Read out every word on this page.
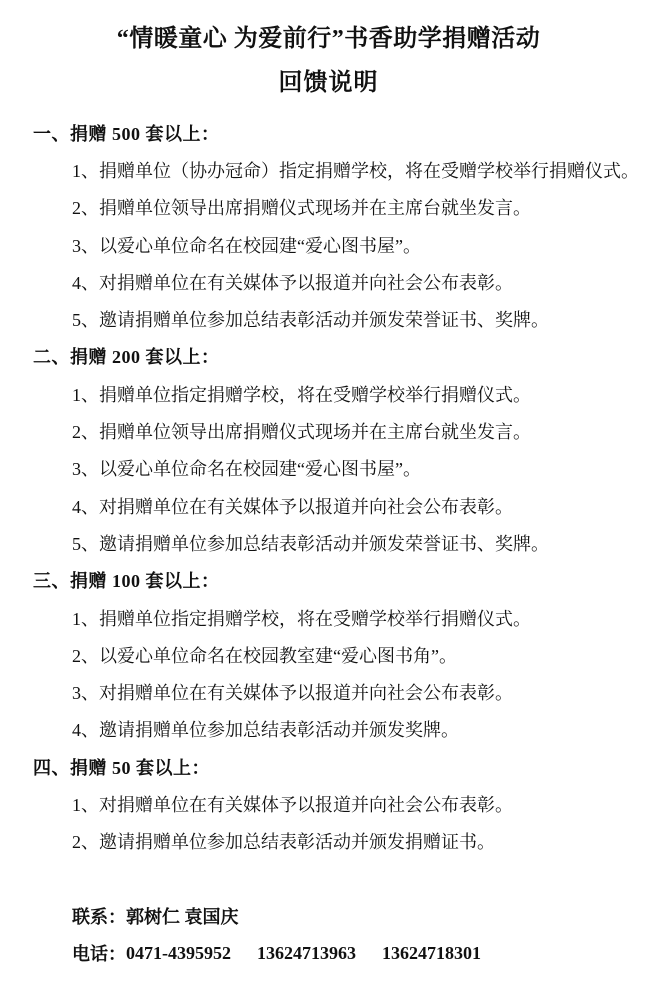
“情暖童心 为爱前行”书香助学捐赠活动
回馈说明
一、捐赠 500 套以上：
1、捐赠单位（协办冠命）指定捐赠学校，将在受赠学校举行捐赠仪式。
2、捐赠单位领导出席捐赠仪式现场并在主席台就坐发言。
3、以爱心单位命名在校园建“爱心图书屋”。
4、对捐赠单位在有关媒体予以报道并向社会公布表彰。
5、邀请捐赠单位参加总结表彰活动并颁发荣誉证书、奖牌。
二、捐赠 200 套以上：
1、捐赠单位指定捐赠学校，将在受赠学校举行捐赠仪式。
2、捐赠单位领导出席捐赠仪式现场并在主席台就坐发言。
3、以爱心单位命名在校园建“爱心图书屋”。
4、对捐赠单位在有关媒体予以报道并向社会公布表彰。
5、邀请捐赠单位参加总结表彰活动并颁发荣誉证书、奖牌。
三、捐赠 100 套以上：
1、捐赠单位指定捐赠学校，将在受赠学校举行捐赠仪式。
2、以爱心单位命名在校园教室建“爱心图书角”。
3、对捐赠单位在有关媒体予以报道并向社会公布表彰。
4、邀请捐赠单位参加总结表彰活动并颁发奖牌。
四、捐赠 50 套以上：
1、对捐赠单位在有关媒体予以报道并向社会公布表彰。
2、邀请捐赠单位参加总结表彰活动并颁发捐赠证书。
联系： 郭树仁 袁国庆
电话： 0471-4395952 13624713963 13624718301
